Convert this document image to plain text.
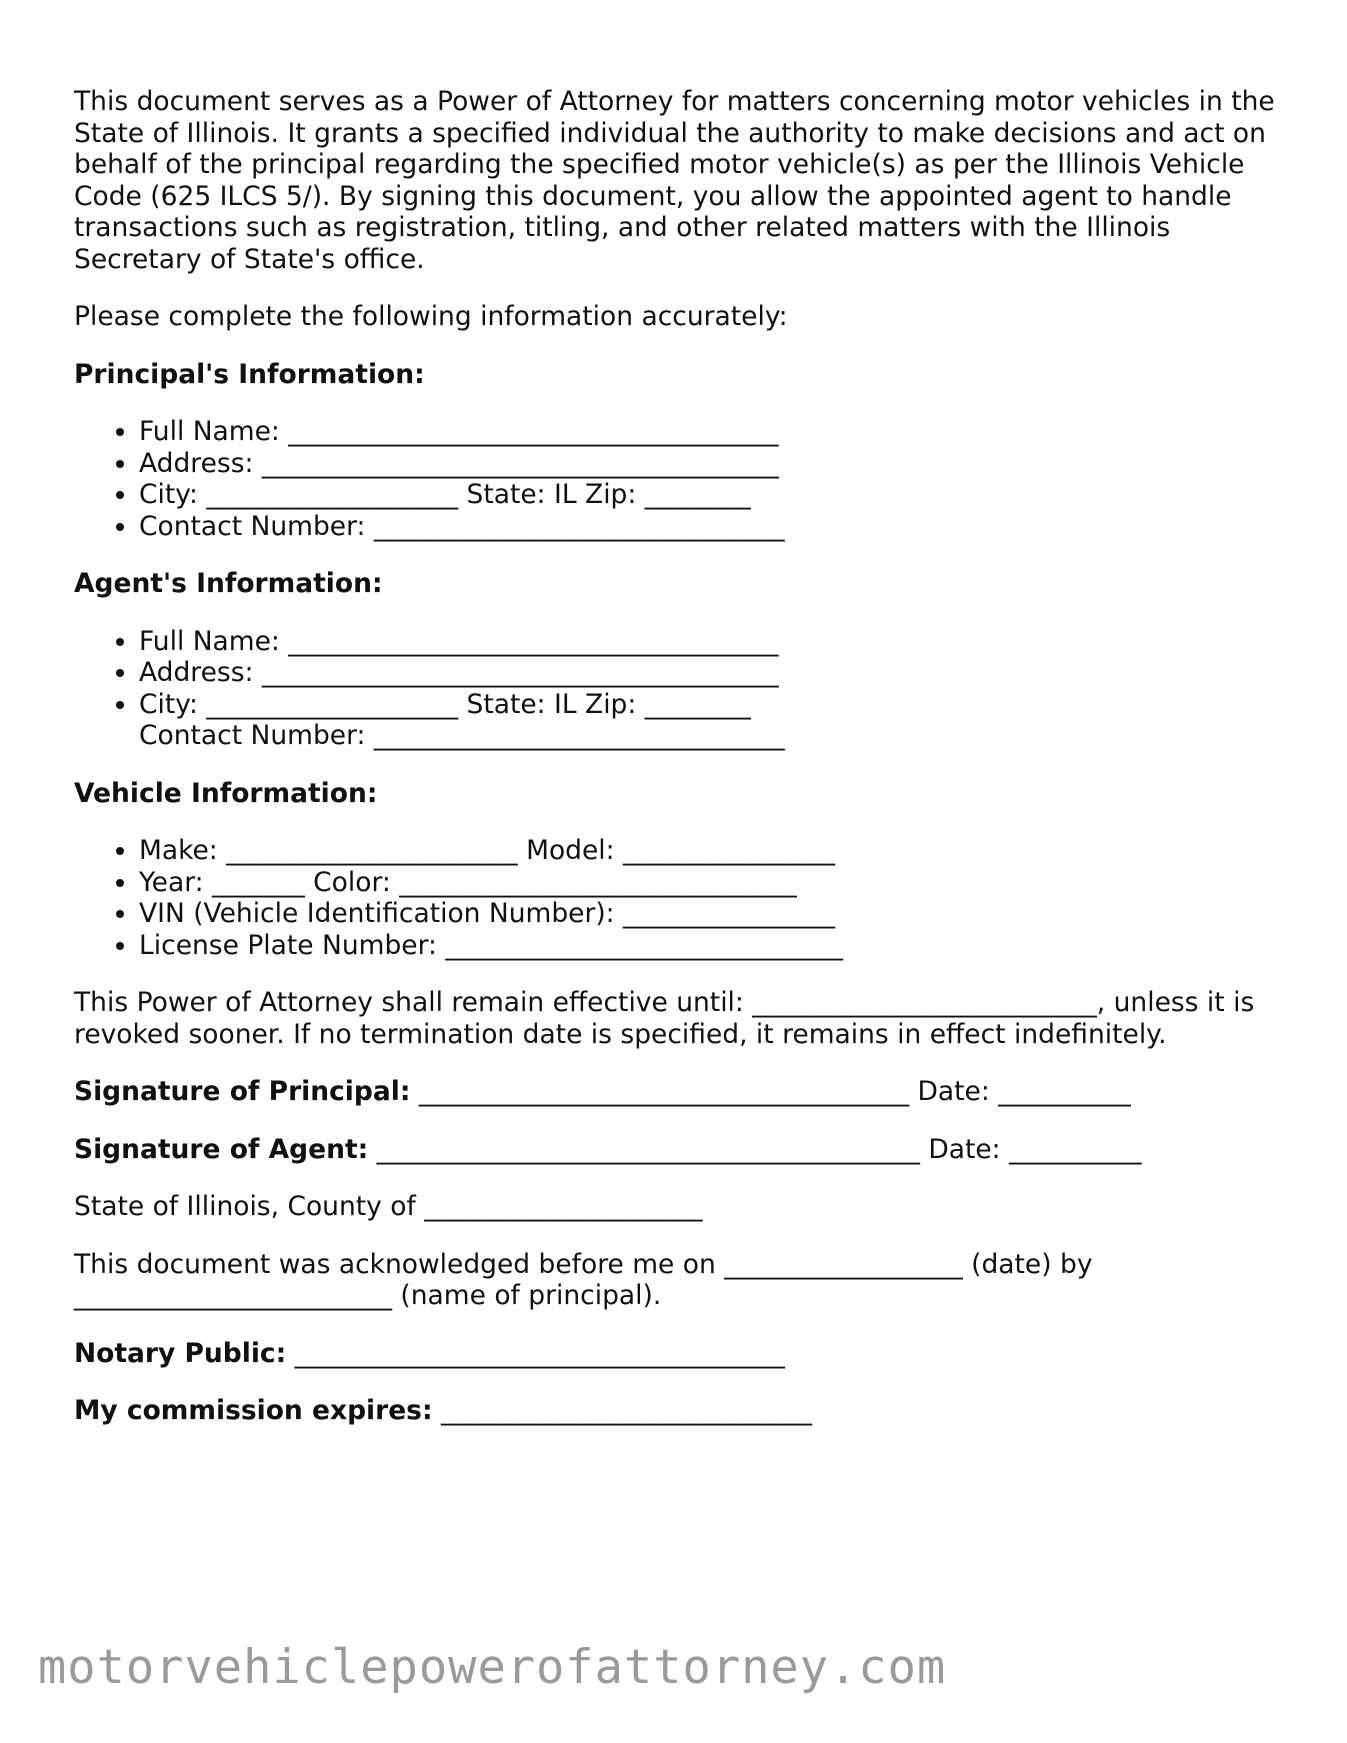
This document serves as a Power of Attorney for matters concerning motor vehicles in the State of Illinois. It grants a specified individual the authority to make decisions and act on behalf of the principal regarding the specified motor vehicle(s) as per the Illinois Vehicle Code (625 ILCS 5/). By signing this document, you allow the appointed agent to handle transactions such as registration, titling, and other related matters with the Illinois Secretary of State's office.

Please complete the following information accurately:

Principal's Information:
• Full Name: _____________________________________
• Address: _______________________________________
• City: ___________________ State: IL Zip: ________
• Contact Number: _______________________________
Agent's Information:
• Full Name: _____________________________________
• Address: _______________________________________
• City: ___________________ State: IL Zip: ________
Contact Number: _______________________________
Vehicle Information:
• Make: ______________________ Model: ________________
• Year: _______ Color: ______________________________
• VIN (Vehicle Identification Number): ________________
• License Plate Number: ______________________________

This Power of Attorney shall remain effective until: __________________________, unless it is revoked sooner. If no termination date is specified, it remains in effect indefinitely.

Signature of Principal: _____________________________________ Date: __________
Signature of Agent: _________________________________________ Date: __________

State of Illinois, County of _____________________

This document was acknowledged before me on __________________ (date) by ________________________ (name of principal).

Notary Public: _____________________________________
My commission expires: ____________________________
motorvehiclepowerofattorney.com
